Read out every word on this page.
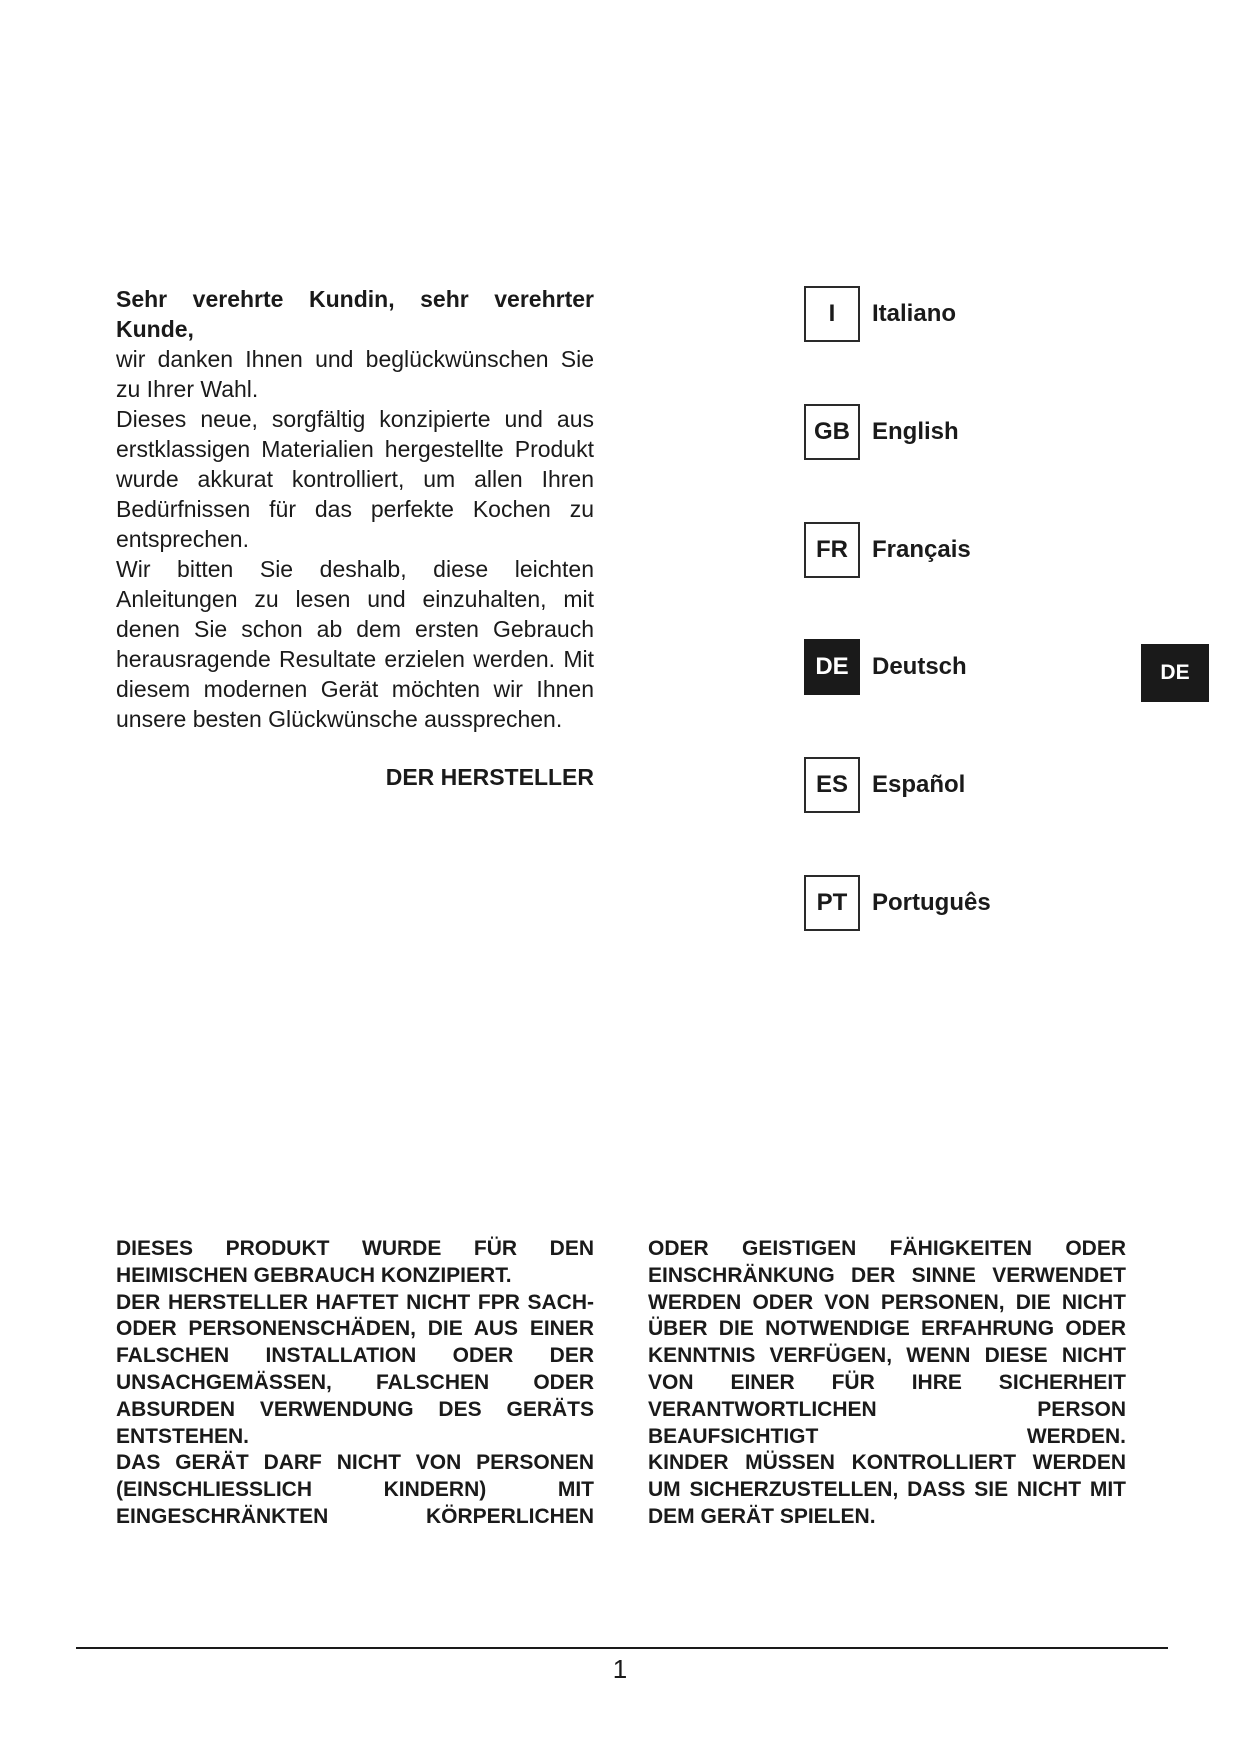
Sehr verehrte Kundin, sehr verehrter Kunde,

wir danken Ihnen und beglückwünschen Sie zu Ihrer Wahl.

Dieses neue, sorgfältig konzipierte und aus erstklassigen Materialien hergestellte Produkt wurde akkurat kontrolliert, um allen Ihren Bedürfnissen für das perfekte Kochen zu entsprechen.

Wir bitten Sie deshalb, diese leichten Anleitungen zu lesen und einzuhalten, mit denen Sie schon ab dem ersten Gebrauch herausragende Resultate erzielen werden. Mit diesem modernen Gerät möchten wir Ihnen unsere besten Glückwünsche aussprechen.

DER HERSTELLER

I	Italiano
GB English
FR	Français
DE Deutsch
ES	Español
PT	Português
DE

DIESES PRODUKT WURDE FÜR DEN HEIMISCHEN GEBRAUCH KONZIPIERT.

DER HERSTELLER HAFTET NICHT FPR SACH- ODER PERSONENSCHÄDEN, DIE AUS EINER FALSCHEN INSTALLATION ODER DER UNSACHGEMÄSSEN, FALSCHEN ODER ABSURDEN VERWENDUNG DES GERÄTS ENTSTEHEN.

DAS GERÄT DARF NICHT VON PERSONEN (EINSCHLIESSLICH KINDERN) MIT EINGESCHRÄNKTEN KÖRPERLICHEN

ODER GEISTIGEN FÄHIGKEITEN ODER EINSCHRÄNKUNG DER SINNE VERWENDET WERDEN ODER VON PERSONEN, DIE NICHT ÜBER DIE NOTWENDIGE ERFAHRUNG ODER KENNTNIS VERFÜGEN, WENN DIESE NICHT VON EINER FÜR IHRE SICHERHEIT VERANTWORTLICHEN PERSON BEAUFSICHTIGT WERDEN.

KINDER MÜSSEN KONTROLLIERT WERDEN UM SICHERZUSTELLEN, DASS SIE NICHT MIT DEM GERÄT SPIELEN.

1
